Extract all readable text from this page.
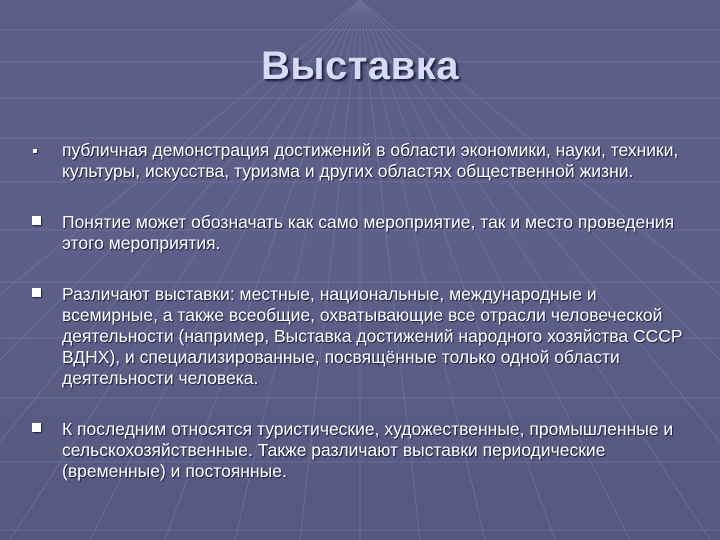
Выставка
публичная демонстрация достижений в области экономики, науки, техники, культуры, искусства, туризма и других областях общественной жизни.
Понятие может обозначать как само мероприятие, так и место проведения этого мероприятия.
Различают выставки: местные, национальные, международные и всемирные, а также всеобщие, охватывающие все отрасли человеческой деятельности (например, Выставка достижений народного хозяйства СССР ВДНХ), и специализированные, посвящённые только одной области деятельности человека.
К последним относятся туристические, художественные, промышленные и сельскохозяйственные. Также различают выставки периодические (временные) и постоянные.
